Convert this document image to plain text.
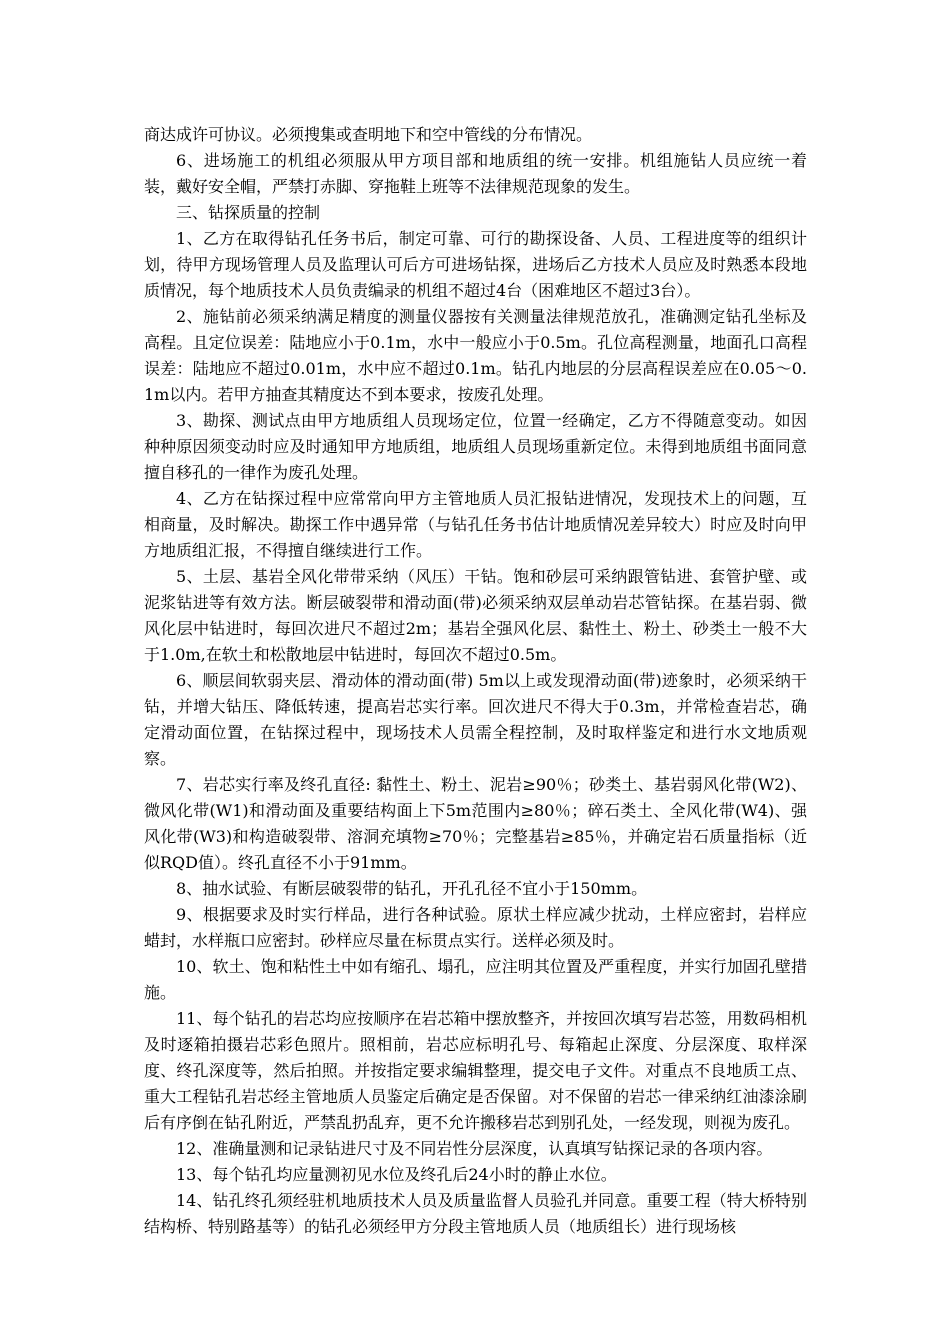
商达成许可协议。必须搜集或查明地下和空中管线的分布情况。

6、进场施工的机组必须服从甲方项目部和地质组的统一安排。机组施钻人员应统一着装，戴好安全帽，严禁打赤脚、穿拖鞋上班等不法律规范现象的发生。

三、钻探质量的控制

1、乙方在取得钻孔任务书后，制定可靠、可行的勘探设备、人员、工程进度等的组织计划，待甲方现场管理人员及监理认可后方可进场钻探，进场后乙方技术人员应及时熟悉本段地质情况，每个地质技术人员负责编录的机组不超过4台（困难地区不超过3台）。

2、施钻前必须采纳满足精度的测量仪器按有关测量法律规范放孔，准确测定钻孔坐标及高程。且定位误差：陆地应小于0.1m，水中一般应小于0.5m。孔位高程测量，地面孔口高程误差：陆地应不超过0.01m，水中应不超过0.1m。钻孔内地层的分层高程误差应在0.05～0.1m以内。若甲方抽查其精度达不到本要求，按废孔处理。

3、勘探、测试点由甲方地质组人员现场定位，位置一经确定，乙方不得随意变动。如因种种原因须变动时应及时通知甲方地质组，地质组人员现场重新定位。未得到地质组书面同意擅自移孔的一律作为废孔处理。

4、乙方在钻探过程中应常常向甲方主管地质人员汇报钻进情况，发现技术上的问题，互相商量，及时解决。勘探工作中遇异常（与钻孔任务书估计地质情况差异较大）时应及时向甲方地质组汇报，不得擅自继续进行工作。

5、土层、基岩全风化带带采纳（风压）干钻。饱和砂层可采纳跟管钻进、套管护壁、或泥浆钻进等有效方法。断层破裂带和滑动面(带)必须采纳双层单动岩芯管钻探。在基岩弱、微风化层中钻进时，每回次进尺不超过2m；基岩全强风化层、黏性土、粉土、砂类土一般不大于1.0m,在软土和松散地层中钻进时，每回次不超过0.5m。

6、顺层间软弱夹层、滑动体的滑动面(带) 5m以上或发现滑动面(带)迹象时，必须采纳干钻，并增大钻压、降低转速，提高岩芯实行率。回次进尺不得大于0.3m，并常检查岩芯，确定滑动面位置，在钻探过程中，现场技术人员需全程控制，及时取样鉴定和进行水文地质观察。

7、岩芯实行率及终孔直径: 黏性土、粉土、泥岩≥90％；砂类土、基岩弱风化带(W2)、微风化带(W1)和滑动面及重要结构面上下5m范围内≥80％；碎石类土、全风化带(W4)、强风化带(W3)和构造破裂带、溶洞充填物≥70％；完整基岩≥85％，并确定岩石质量指标（近似RQD值）。终孔直径不小于91mm。

8、抽水试验、有断层破裂带的钻孔，开孔孔径不宜小于150mm。

9、根据要求及时实行样品，进行各种试验。原状土样应减少扰动，土样应密封，岩样应蜡封，水样瓶口应密封。砂样应尽量在标贯点实行。送样必须及时。

10、软土、饱和粘性土中如有缩孔、塌孔，应注明其位置及严重程度，并实行加固孔壁措施。

11、每个钻孔的岩芯均应按顺序在岩芯箱中摆放整齐，并按回次填写岩芯签，用数码相机及时逐箱拍摄岩芯彩色照片。照相前，岩芯应标明孔号、每箱起止深度、分层深度、取样深度、终孔深度等，然后拍照。并按指定要求编辑整理，提交电子文件。对重点不良地质工点、重大工程钻孔岩芯经主管地质人员鉴定后确定是否保留。对不保留的岩芯一律采纳红油漆涂刷后有序倒在钻孔附近，严禁乱扔乱弃，更不允许搬移岩芯到别孔处，一经发现，则视为废孔。

12、准确量测和记录钻进尺寸及不同岩性分层深度，认真填写钻探记录的各项内容。

13、每个钻孔均应量测初见水位及终孔后24小时的静止水位。

14、钻孔终孔须经驻机地质技术人员及质量监督人员验孔并同意。重要工程（特大桥特别结构桥、特别路基等）的钻孔必须经甲方分段主管地质人员（地质组长）进行现场核
